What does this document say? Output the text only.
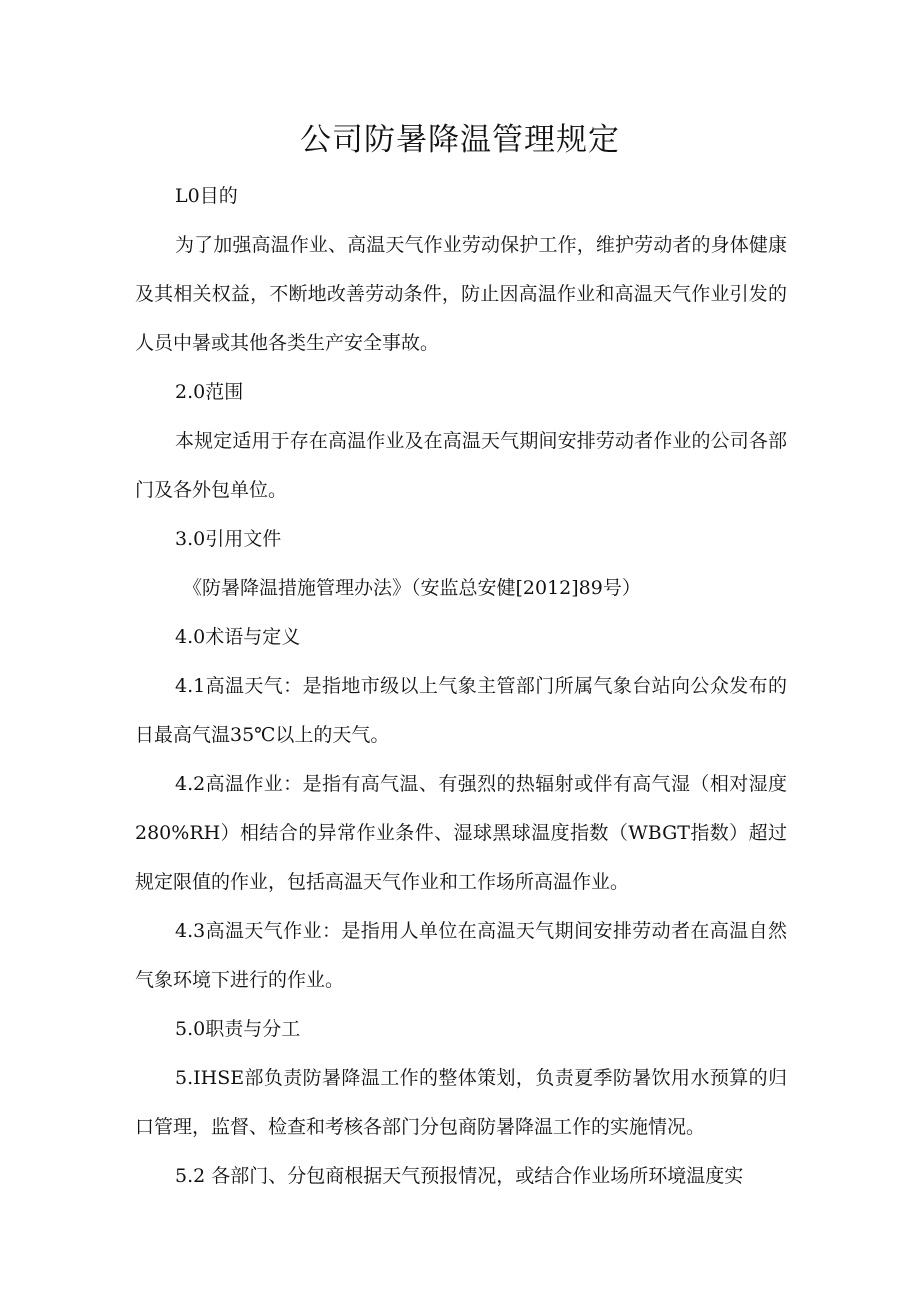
公司防暑降温管理规定

L0目的

为了加强高温作业、高温天气作业劳动保护工作，维护劳动者的身体健康及其相关权益，不断地改善劳动条件，防止因高温作业和高温天气作业引发的人员中暑或其他各类生产安全事故。

2.0范围

本规定适用于存在高温作业及在高温天气期间安排劳动者作业的公司各部门及各外包单位。

3.0引用文件

《防暑降温措施管理办法》（安监总安健[2012]89号）

4.0术语与定义

4.1高温天气：是指地市级以上气象主管部门所属气象台站向公众发布的日最高气温35℃以上的天气。

4.2高温作业：是指有高气温、有强烈的热辐射或伴有高气湿（相对湿度280%RH）相结合的异常作业条件、湿球黑球温度指数（WBGT指数）超过规定限值的作业，包括高温天气作业和工作场所高温作业。

4.3高温天气作业：是指用人单位在高温天气期间安排劳动者在高温自然气象环境下进行的作业。

5.0职责与分工

5.IHSE部负责防暑降温工作的整体策划，负责夏季防暑饮用水预算的归口管理，监督、检查和考核各部门分包商防暑降温工作的实施情况。

5.2 各部门、分包商根据天气预报情况，或结合作业场所环境温度实
